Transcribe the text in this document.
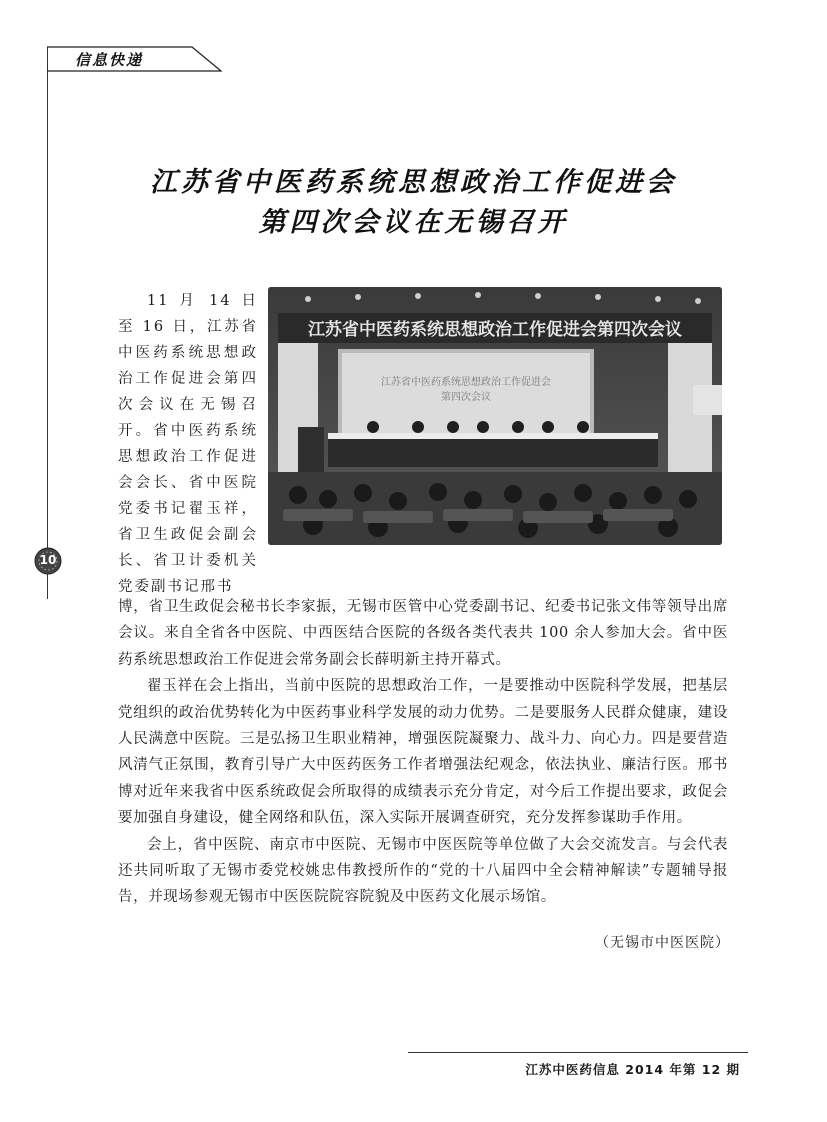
信息快递
10
江苏省中医药系统思想政治工作促进会
第四次会议在无锡召开

11 月 14 日至 16 日，江苏省中医药系统思想政治工作促进会第四次会议在无锡召开。省中医药系统思想政治工作促进会会长、省中医院党委书记翟玉祥，省卫生政促会副会长、省卫计委机关党委副书记邢书

江苏省中医药系统思想政治工作促进会第四次会议
江苏省中医药系统思想政治工作促进会
第四次会议

博，省卫生政促会秘书长李家振，无锡市医管中心党委副书记、纪委书记张文伟等领导出席会议。来自全省各中医院、中西医结合医院的各级各类代表共 100 余人参加大会。省中医药系统思想政治工作促进会常务副会长薛明新主持开幕式。

翟玉祥在会上指出，当前中医院的思想政治工作，一是要推动中医院科学发展，把基层党组织的政治优势转化为中医药事业科学发展的动力优势。二是要服务人民群众健康，建设人民满意中医院。三是弘扬卫生职业精神，增强医院凝聚力、战斗力、向心力。四是要营造风清气正氛围，教育引导广大中医药医务工作者增强法纪观念，依法执业、廉洁行医。邢书博对近年来我省中医系统政促会所取得的成绩表示充分肯定，对今后工作提出要求，政促会要加强自身建设，健全网络和队伍，深入实际开展调查研究，充分发挥参谋助手作用。

会上，省中医院、南京市中医院、无锡市中医医院等单位做了大会交流发言。与会代表还共同听取了无锡市委党校姚忠伟教授所作的“党的十八届四中全会精神解读”专题辅导报告，并现场参观无锡市中医医院院容院貌及中医药文化展示场馆。

（无锡市中医医院）
江苏中医药信息 2014 年第 12 期
